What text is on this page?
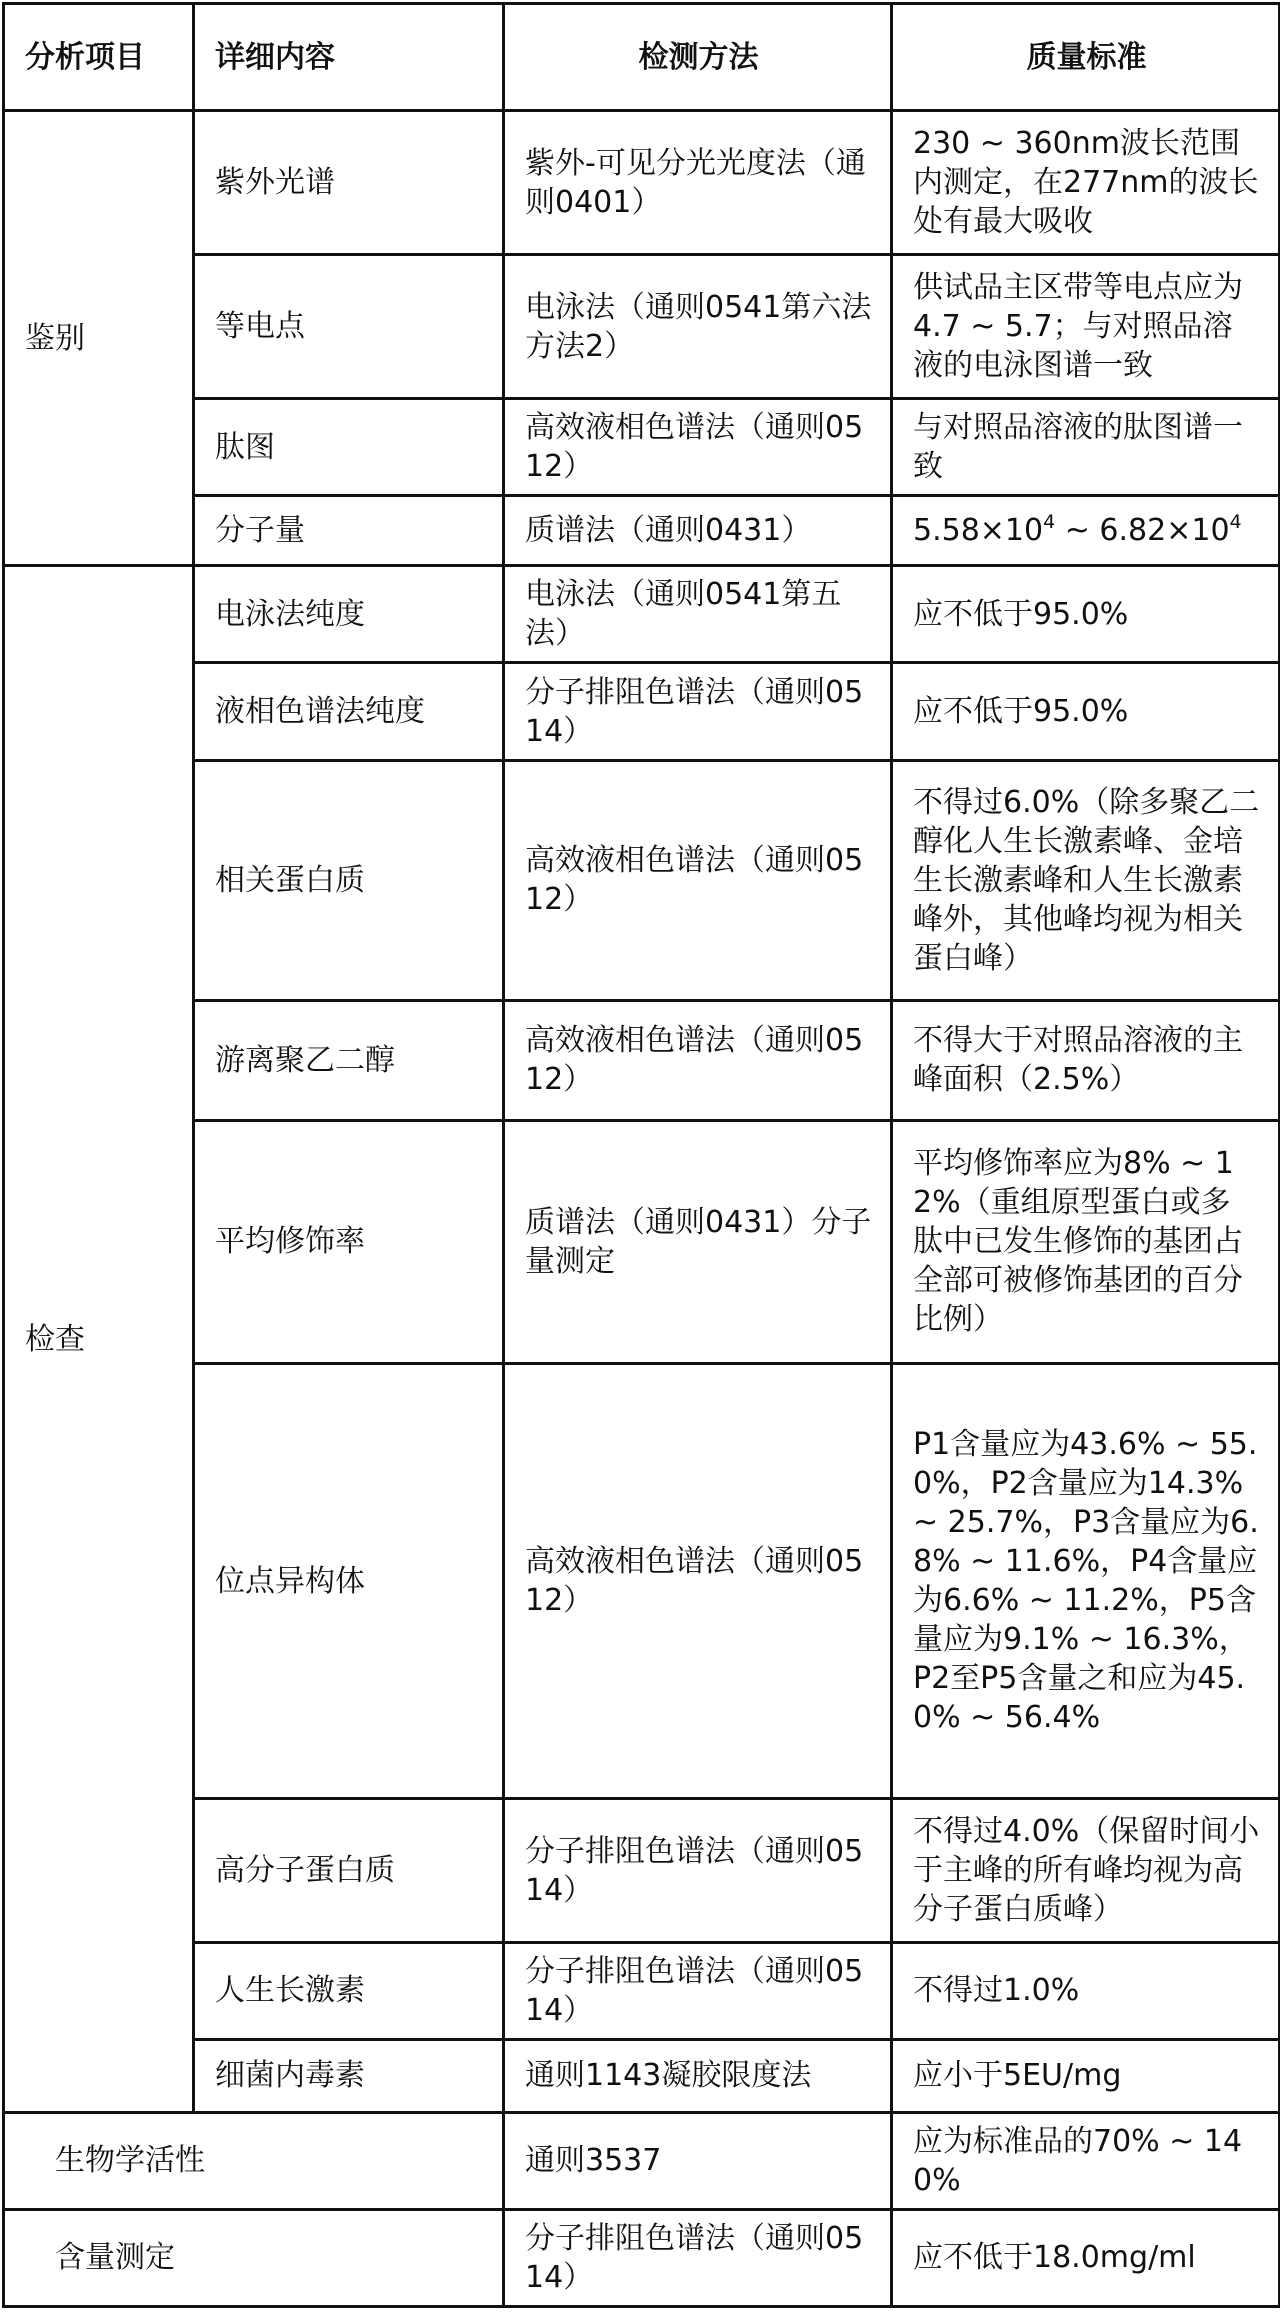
分析项目	详细内容	检测方法	质量标准
鉴别	紫外光谱	紫外-可见分光光度法（通则0401）	230 ~ 360nm波长范围内测定，在277nm的波长处有最大吸收
	等电点	电泳法（通则0541第六法方法2）	供试品主区带等电点应为4.7 ~ 5.7；与对照品溶液的电泳图谱一致
	肽图	高效液相色谱法（通则0512）	与对照品溶液的肽图谱一致
	分子量	质谱法（通则0431）	$5.58\times 10^4$ ~ $6.82\times 10^4$
检查	电泳法纯度	电泳法（通则0541第五法）	应不低于95.0%
	液相色谱法纯度	分子排阻色谱法（通则0514）	应不低于95.0%
	相关蛋白质	高效液相色谱法（通则0512）	不得过6.0%（除多聚乙二醇化人生长激素峰、金培生长激素峰和人生长激素峰外，其他峰均视为相关蛋白峰）
	游离聚乙二醇	高效液相色谱法（通则0512）	不得大于对照品溶液的主峰面积（2.5%）
	平均修饰率	质谱法（通则0431）分子量测定	平均修饰率应为8% ~ 12%（重组原型蛋白或多肽中已发生修饰的基团占全部可被修饰基团的百分比例）
	位点异构体	高效液相色谱法（通则0512）	P1含量应为43.6% ~ 55.0%，P2含量应为14.3% ~ 25.7%，P3含量应为6.8% ~ 11.6%，P4含量应为6.6% ~ 11.2%，P5含量应为9.1% ~ 16.3%，P2至P5含量之和应为45.0% ~ 56.4%
	高分子蛋白质	分子排阻色谱法（通则0514）	不得过4.0%（保留时间小于主峰的所有峰均视为高分子蛋白质峰）
	人生长激素	分子排阻色谱法（通则0514）	不得过1.0%
	细菌内毒素	通则1143凝胶限度法	应小于5EU/mg
生物学活性		通则3537	应为标准品的70% ~ 140%
含量测定		分子排阻色谱法（通则0514）	应不低于18.0mg/ml
